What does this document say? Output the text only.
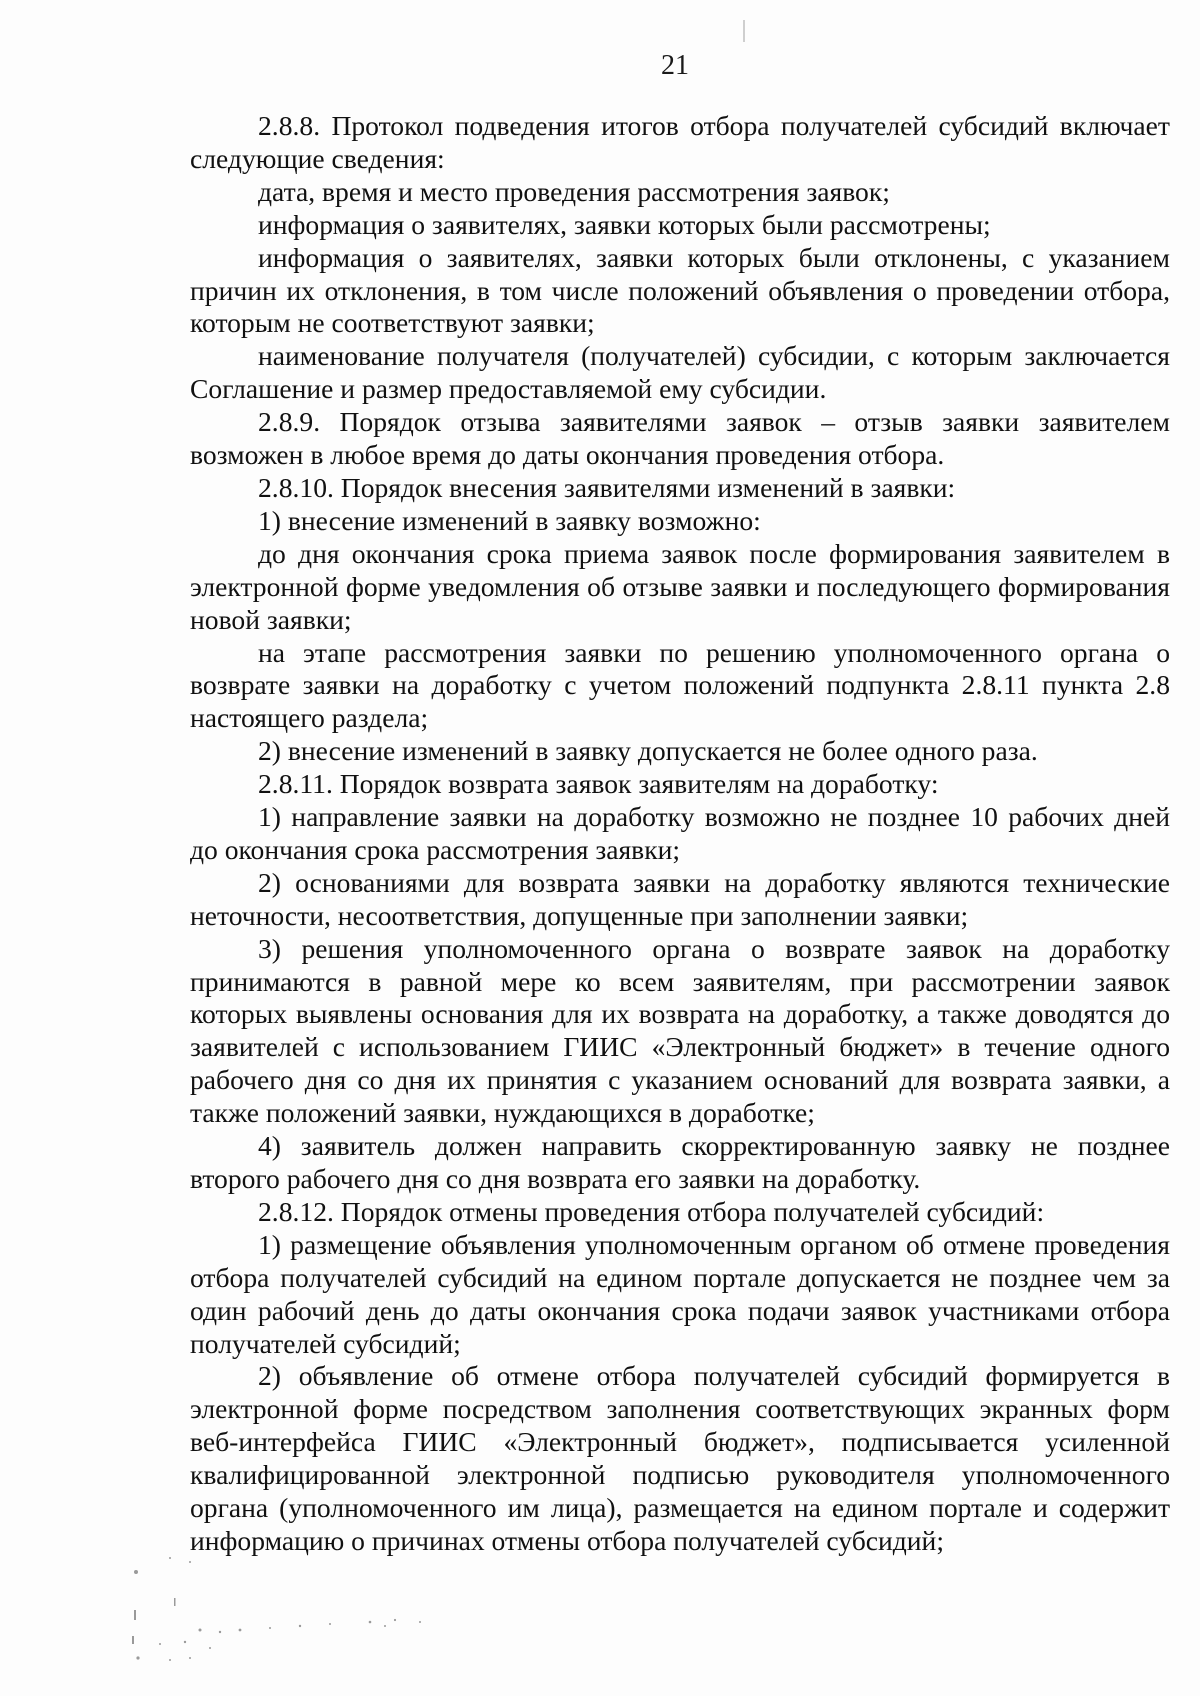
21

2.8.8. Протокол подведения итогов отбора получателей субсидий включает следующие сведения:

дата, время и место проведения рассмотрения заявок;

информация о заявителях, заявки которых были рассмотрены;

информация о заявителях, заявки которых были отклонены, с указанием причин их отклонения, в том числе положений объявления о проведении отбора, которым не соответствуют заявки;

наименование получателя (получателей) субсидии, с которым заключается Соглашение и размер предоставляемой ему субсидии.

2.8.9. Порядок отзыва заявителями заявок – отзыв заявки заявителем возможен в любое время до даты окончания проведения отбора.

2.8.10. Порядок внесения заявителями изменений в заявки:

1) внесение изменений в заявку возможно:

до дня окончания срока приема заявок после формирования заявителем в электронной форме уведомления об отзыве заявки и последующего формирования новой заявки;

на этапе рассмотрения заявки по решению уполномоченного органа о возврате заявки на доработку с учетом положений подпункта 2.8.11 пункта 2.8 настоящего раздела;

2) внесение изменений в заявку допускается не более одного раза.

2.8.11. Порядок возврата заявок заявителям на доработку:

1) направление заявки на доработку возможно не позднее 10 рабочих дней до окончания срока рассмотрения заявки;

2) основаниями для возврата заявки на доработку являются технические неточности, несоответствия, допущенные при заполнении заявки;

3) решения уполномоченного органа о возврате заявок на доработку принимаются в равной мере ко всем заявителям, при рассмотрении заявок которых выявлены основания для их возврата на доработку, а также доводятся до заявителей с использованием ГИИС «Электронный бюджет» в течение одного рабочего дня со дня их принятия с указанием оснований для возврата заявки, а также положений заявки, нуждающихся в доработке;

4) заявитель должен направить скорректированную заявку не позднее второго рабочего дня со дня возврата его заявки на доработку.

2.8.12. Порядок отмены проведения отбора получателей субсидий:

1) размещение объявления уполномоченным органом об отмене проведения отбора получателей субсидий на едином портале допускается не позднее чем за один рабочий день до даты окончания срока подачи заявок участниками отбора получателей субсидий;

2) объявление об отмене отбора получателей субсидий формируется в электронной форме посредством заполнения соответствующих экранных форм веб-интерфейса ГИИС «Электронный бюджет», подписывается усиленной квалифицированной электронной подписью руководителя уполномоченного органа (уполномоченного им лица), размещается на едином портале и содержит информацию о причинах отмены отбора получателей субсидий;
